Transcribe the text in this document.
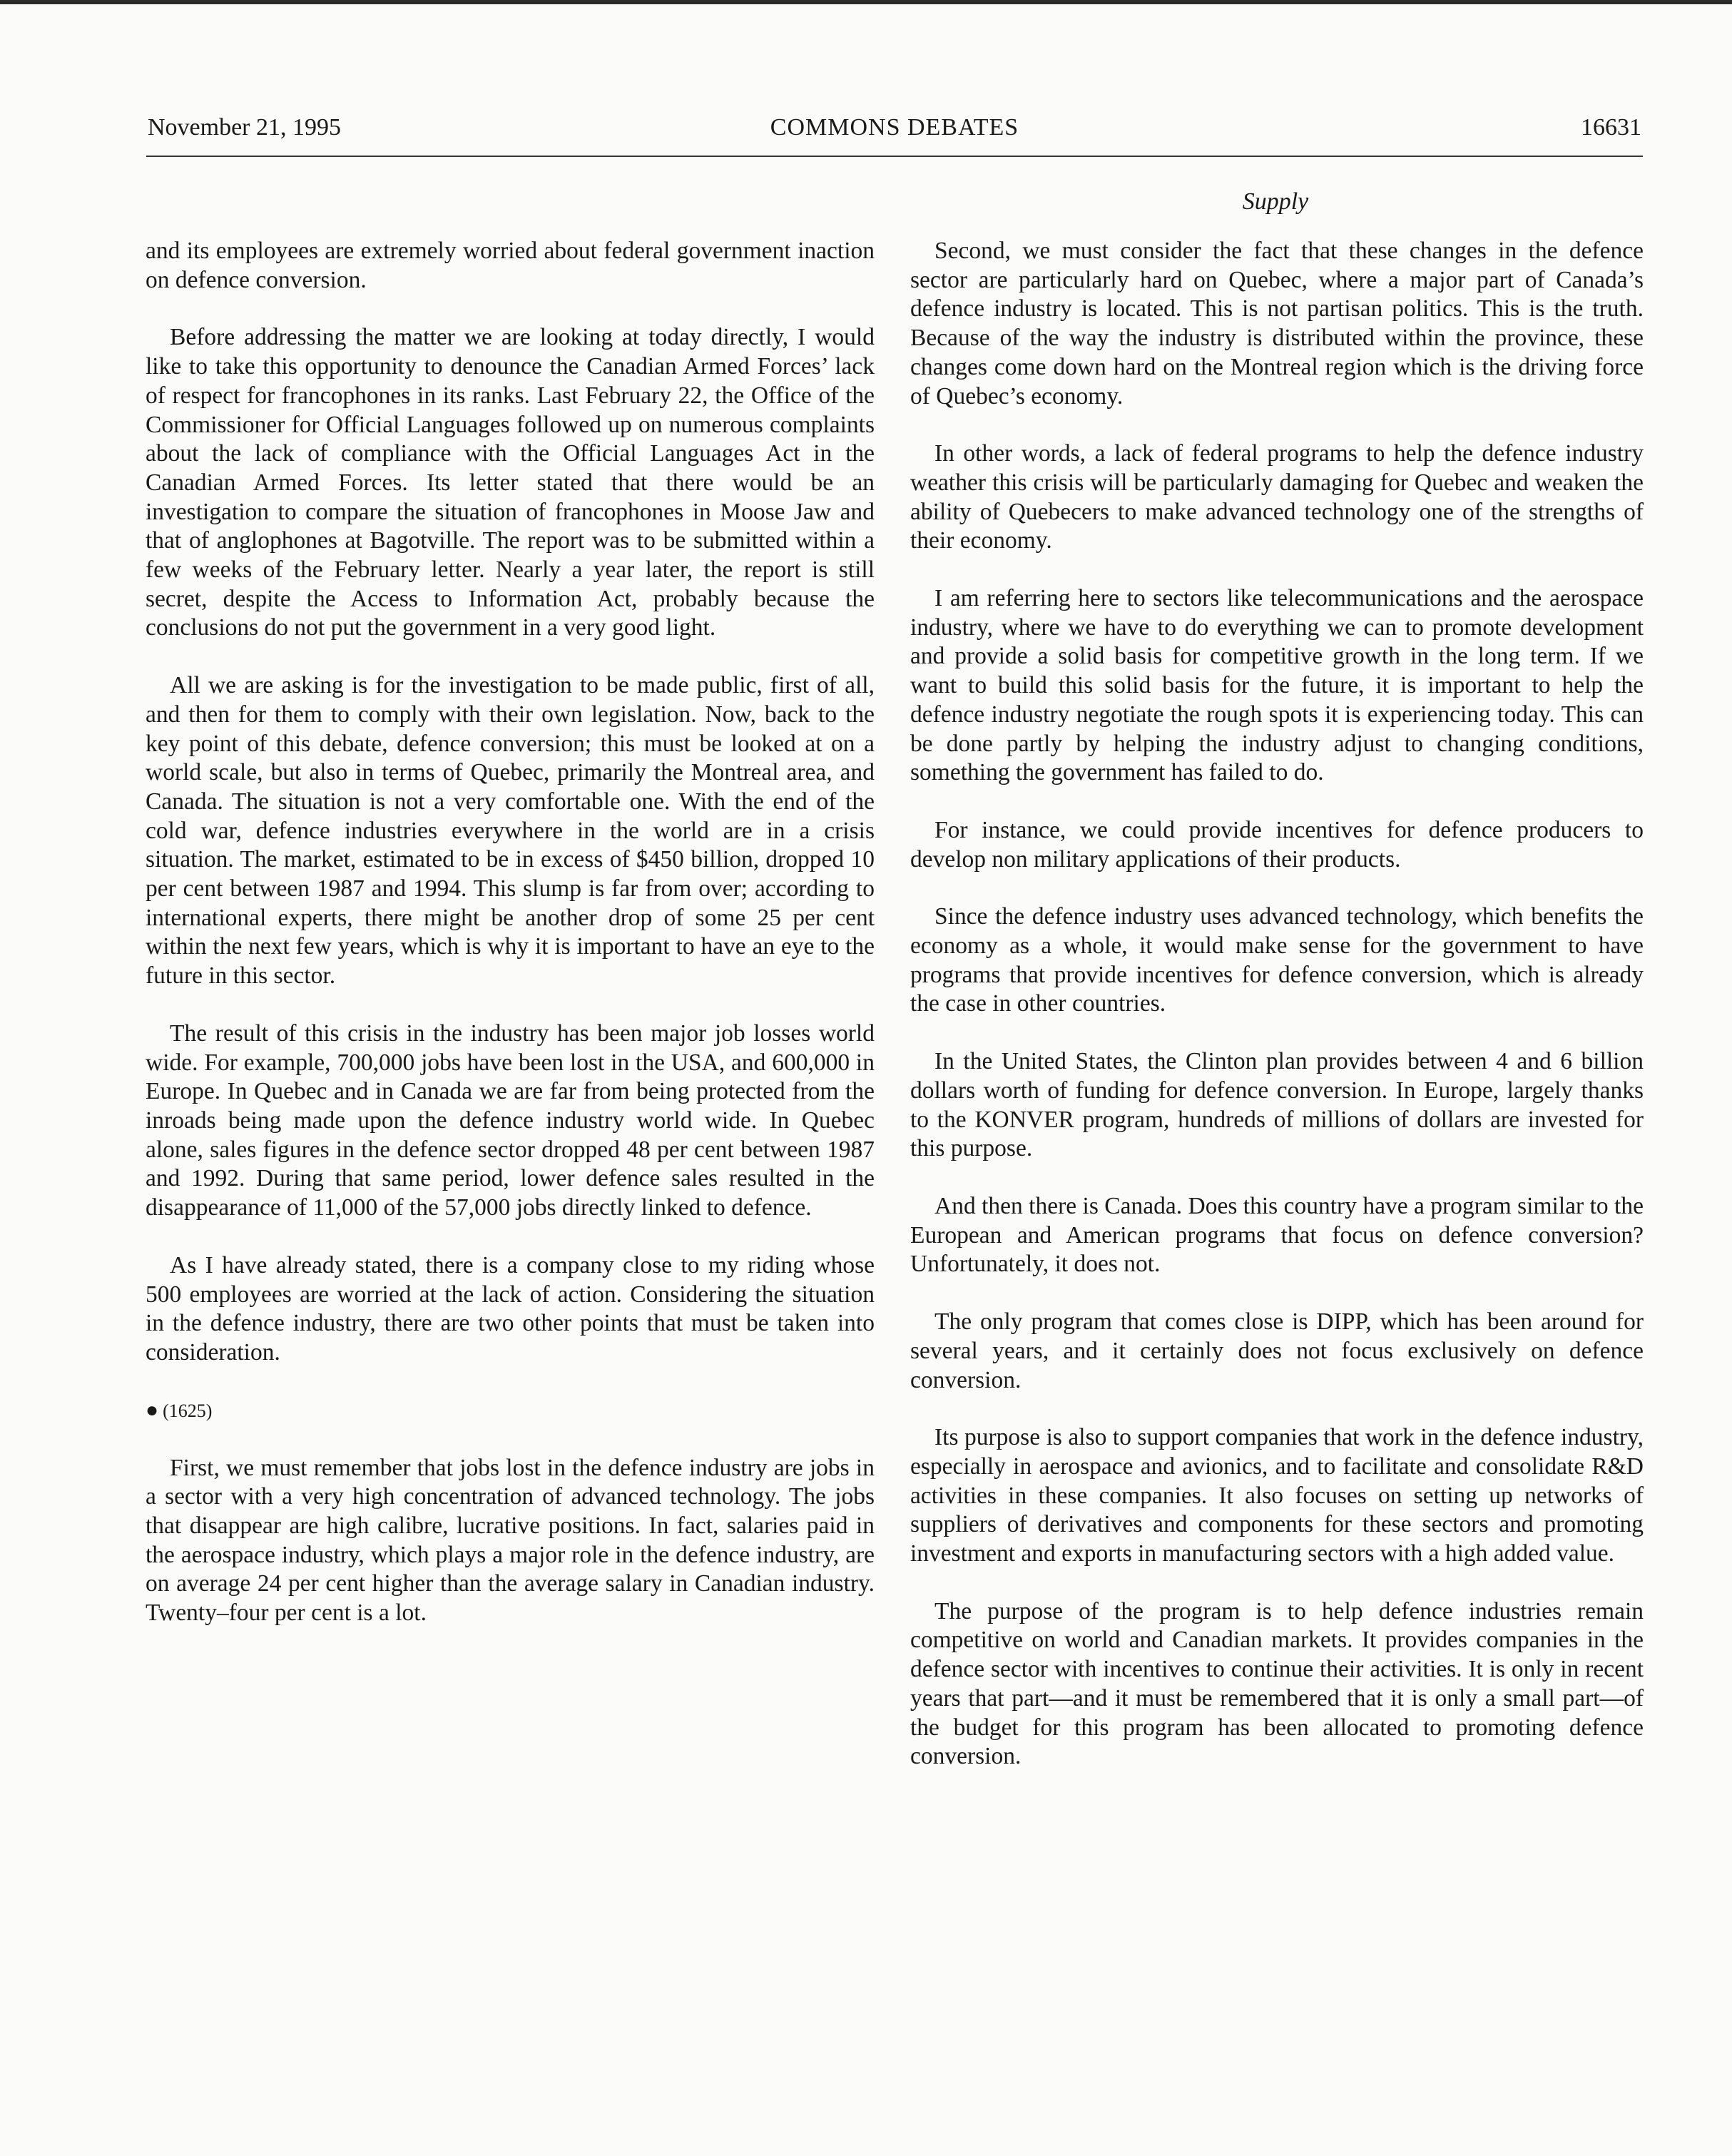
November 21, 1995	COMMONS DEBATES	16631
Supply

and its employees are extremely worried about federal government inaction on defence conversion.

Before addressing the matter we are looking at today directly, I would like to take this opportunity to denounce the Canadian Armed Forces’ lack of respect for francophones in its ranks. Last February 22, the Office of the Commissioner for Official Languages followed up on numerous complaints about the lack of compliance with the Official Languages Act in the Canadian Armed Forces. Its letter stated that there would be an investigation to compare the situation of francophones in Moose Jaw and that of anglophones at Bagotville. The report was to be submitted within a few weeks of the February letter. Nearly a year later, the report is still secret, despite the Access to Information Act, probably because the conclusions do not put the government in a very good light.

All we are asking is for the investigation to be made public, first of all, and then for them to comply with their own legislation. Now, back to the key point of this debate, defence conversion; this must be looked at on a world scale, but also in terms of Quebec, primarily the Montreal area, and Canada. The situation is not a very comfortable one. With the end of the cold war, defence industries everywhere in the world are in a crisis situation. The market, estimated to be in excess of $450 billion, dropped 10 per cent between 1987 and 1994. This slump is far from over; according to international experts, there might be another drop of some 25 per cent within the next few years, which is why it is important to have an eye to the future in this sector.

The result of this crisis in the industry has been major job losses world wide. For example, 700,000 jobs have been lost in the USA, and 600,000 in Europe. In Quebec and in Canada we are far from being protected from the inroads being made upon the defence industry world wide. In Quebec alone, sales figures in the defence sector dropped 48 per cent between 1987 and 1992. During that same period, lower defence sales resulted in the disappearance of 11,000 of the 57,000 jobs directly linked to defence.

As I have already stated, there is a company close to my riding whose 500 employees are worried at the lack of action. Considering the situation in the defence industry, there are two other points that must be taken into consideration.

● (1625)

First, we must remember that jobs lost in the defence industry are jobs in a sector with a very high concentration of advanced technology. The jobs that disappear are high calibre, lucrative positions. In fact, salaries paid in the aerospace industry, which plays a major role in the defence industry, are on average 24 per cent higher than the average salary in Canadian industry. Twenty–four per cent is a lot.

Second, we must consider the fact that these changes in the defence sector are particularly hard on Quebec, where a major part of Canada’s defence industry is located. This is not partisan politics. This is the truth. Because of the way the industry is distributed within the province, these changes come down hard on the Montreal region which is the driving force of Quebec’s economy.

In other words, a lack of federal programs to help the defence industry weather this crisis will be particularly damaging for Quebec and weaken the ability of Quebecers to make advanced technology one of the strengths of their economy.

I am referring here to sectors like telecommunications and the aerospace industry, where we have to do everything we can to promote development and provide a solid basis for competitive growth in the long term. If we want to build this solid basis for the future, it is important to help the defence industry negotiate the rough spots it is experiencing today. This can be done partly by helping the industry adjust to changing conditions, something the government has failed to do.

For instance, we could provide incentives for defence producers to develop non military applications of their products.

Since the defence industry uses advanced technology, which benefits the economy as a whole, it would make sense for the government to have programs that provide incentives for defence conversion, which is already the case in other countries.

In the United States, the Clinton plan provides between 4 and 6 billion dollars worth of funding for defence conversion. In Europe, largely thanks to the KONVER program, hundreds of millions of dollars are invested for this purpose.

And then there is Canada. Does this country have a program similar to the European and American programs that focus on defence conversion? Unfortunately, it does not.

The only program that comes close is DIPP, which has been around for several years, and it certainly does not focus exclusively on defence conversion.

Its purpose is also to support companies that work in the defence industry, especially in aerospace and avionics, and to facilitate and consolidate R&D activities in these companies. It also focuses on setting up networks of suppliers of derivatives and components for these sectors and promoting investment and exports in manufacturing sectors with a high added value.

The purpose of the program is to help defence industries remain competitive on world and Canadian markets. It provides companies in the defence sector with incentives to continue their activities. It is only in recent years that part—and it must be remembered that it is only a small part—of the budget for this program has been allocated to promoting defence conversion.
